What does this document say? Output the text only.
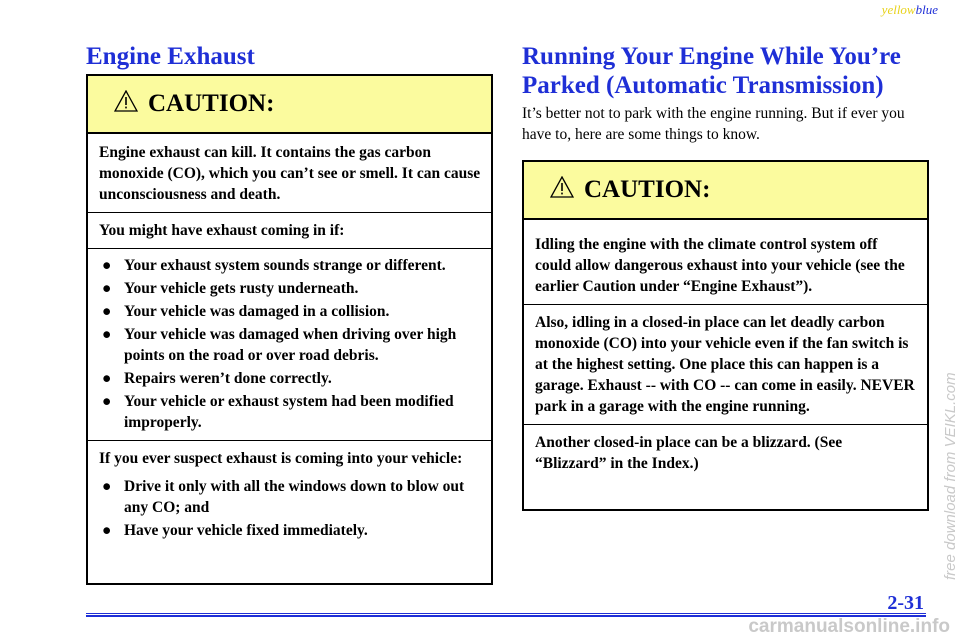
yellowblue
Engine Exhaust
CAUTION:

Engine exhaust can kill. It contains the gas carbon monoxide (CO), which you can’t see or smell. It can cause unconsciousness and death.

You might have exhaust coming in if:

● Your exhaust system sounds strange or different.
● Your vehicle gets rusty underneath.
● Your vehicle was damaged in a collision.
● Your vehicle was damaged when driving over high points on the road or over road debris.
● Repairs weren’t done correctly.
● Your vehicle or exhaust system had been modified improperly.

If you ever suspect exhaust is coming into your vehicle:

● Drive it only with all the windows down to blow out any CO; and
● Have your vehicle fixed immediately.
Running Your Engine While You’re Parked (Automatic Transmission)
It’s better not to park with the engine running. But if ever you have to, here are some things to know.
CAUTION:

Idling the engine with the climate control system off could allow dangerous exhaust into your vehicle (see the earlier Caution under “Engine Exhaust”).

Also, idling in a closed-in place can let deadly carbon monoxide (CO) into your vehicle even if the fan switch is at the highest setting. One place this can happen is a garage. Exhaust -- with CO -- can come in easily. NEVER park in a garage with the engine running.

Another closed-in place can be a blizzard. (See “Blizzard” in the Index.)

2-31
free download from VEIKL.com
carmanualsonline.info
